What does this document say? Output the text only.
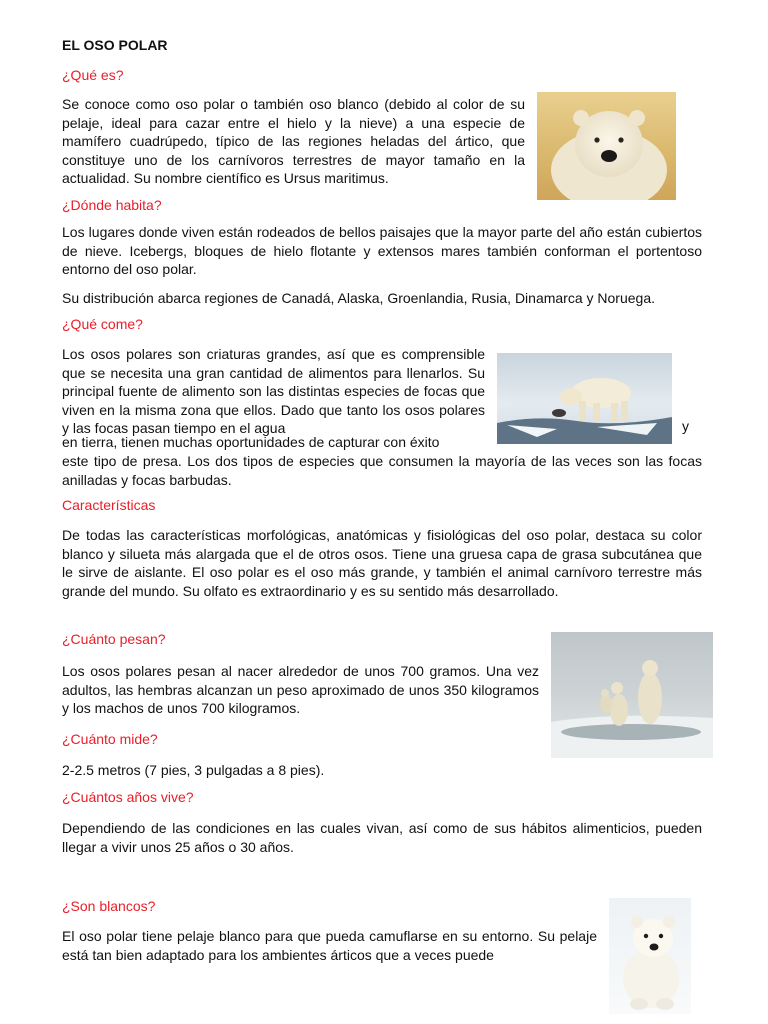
EL OSO POLAR
¿Qué es?
Se conoce como oso polar o también oso blanco (debido al color de su pelaje, ideal para cazar entre el hielo y la nieve) a una especie de mamífero cuadrúpedo, típico de las regiones heladas del ártico, que constituye uno de los carnívoros terrestres de mayor tamaño en la actualidad. Su nombre científico es Ursus maritimus.
¿Dónde habita?
Los lugares donde viven están rodeados de bellos paisajes que la mayor parte del año están cubiertos de nieve. Icebergs, bloques de hielo flotante y extensos mares también conforman el portentoso entorno del oso polar.
Su distribución abarca regiones de Canadá, Alaska, Groenlandia, Rusia, Dinamarca y Noruega.
¿Qué come?
Los osos polares son criaturas grandes, así que es comprensible que se necesita una gran cantidad de alimentos para llenarlos. Su principal fuente de alimento son las distintas especies de focas que viven en la misma zona que ellos. Dado que tanto los osos polares y las focas pasan tiempo en el agua	y
en tierra, tienen muchas oportunidades de capturar con éxito
este tipo de presa. Los dos tipos de especies que consumen la mayoría de las veces son las focas anilladas y focas barbudas.
Características
De todas las características morfológicas, anatómicas y fisiológicas del oso polar, destaca su color blanco y silueta más alargada que el de otros osos. Tiene una gruesa capa de grasa subcutánea que le sirve de aislante. El oso polar es el oso más grande, y también el animal carnívoro terrestre más grande del mundo. Su olfato es extraordinario y es su sentido más desarrollado.
¿Cuánto pesan?
Los osos polares pesan al nacer alrededor de unos 700 gramos. Una vez adultos, las hembras alcanzan un peso aproximado de unos 350 kilogramos y los machos de unos 700 kilogramos.
¿Cuánto mide?
2-2.5 metros (7 pies, 3 pulgadas a 8 pies).
¿Cuántos años vive?
Dependiendo de las condiciones en las cuales vivan, así como de sus hábitos alimenticios, pueden llegar a vivir unos 25 años o 30 años.
¿Son blancos?
El oso polar tiene pelaje blanco para que pueda camuflarse en su entorno. Su pelaje está tan bien adaptado para los ambientes árticos que a veces puede
